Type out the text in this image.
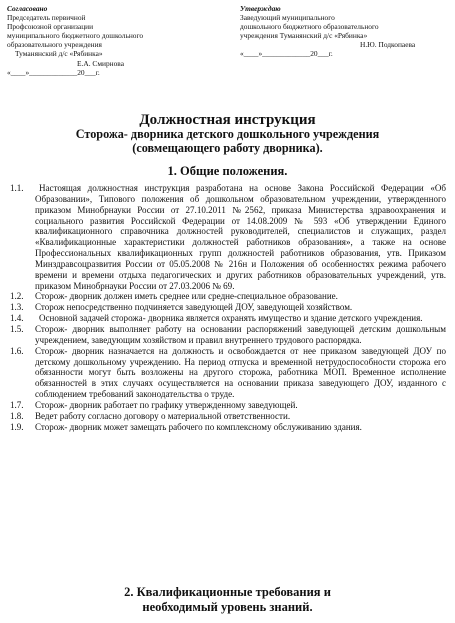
Согласовано
Председатель первичной
Профсоюзной организации
муниципального бюджетного дошкольного
образовательного учреждения
Туманянский д/с «Рябинка»
Е.А. Смирнова
«____»_____________20___г.
Утверждаю
Заведующий муниципального
дошкольного бюджетного образовательного
учреждения Туманянский д/с «Рябинка»
Н.Ю. Подкопаева
«____»_____________20___г.
Должностная инструкция
Сторожа- дворника детского дошкольного учреждения
(совмещающего работу дворника).
1. Общие положения.
1.1.	Настоящая должностная инструкция разработана на основе Закона Российской Федерации «Об Образовании», Типового положения об дошкольном образовательном учреждении, утвержденного приказом Минобрнауки России от 27.10.2011 №2562, приказа Министерства здравоохранения и социального развития Российской Федерации от 14.08.2009 № 593 «Об утверждении Единого квалификационного справочника должностей руководителей, специалистов и служащих, раздел «Квалификационные характеристики должностей работников образования», а также на основе Профессиональных квалификационных групп должностей работников образования, утв. Приказом Минздравсоцразвития России от 05.05.2008 № 216н и Положения об особенностях режима рабочего времени и времени отдыха педагогических и других работников образовательных учреждений, утв. приказом Минобрнауки России от 27.03.2006 № 69.
1.2.	Сторож- дворник должен иметь среднее или средне-специальное образование.
1.3.	Сторож непосредственно подчиняется заведующей ДОУ, заведующей хозяйством.
1.4.	Основной задачей сторожа- дворника является охранять имущество и здание детского учреждения.
1.5.	Сторож- дворник выполняет работу на основании распоряжений заведующей детским дошкольным учреждением, заведующим хозяйством и правил внутреннего трудового распорядка.
1.6.	Сторож- дворник назначается на должность и освобождается от нее приказом заведующей ДОУ по детскому дошкольному учреждению. На период отпуска и временной нетрудоспособности сторожа его обязанности могут быть возложены на другого сторожа, работника МОП. Временное исполнение обязанностей в этих случаях осуществляется на основании приказа заведующего ДОУ, изданного с соблюдением требований законодательства о труде.
1.7.	Сторож- дворник работает по графику утвержденному заведующей.
1.8.	Ведет работу согласно договору о материальной ответственности.
1.9.	Сторож- дворник может замещать рабочего по комплексному обслуживанию здания.
2. Квалификационные требования и
необходимый уровень знаний.
